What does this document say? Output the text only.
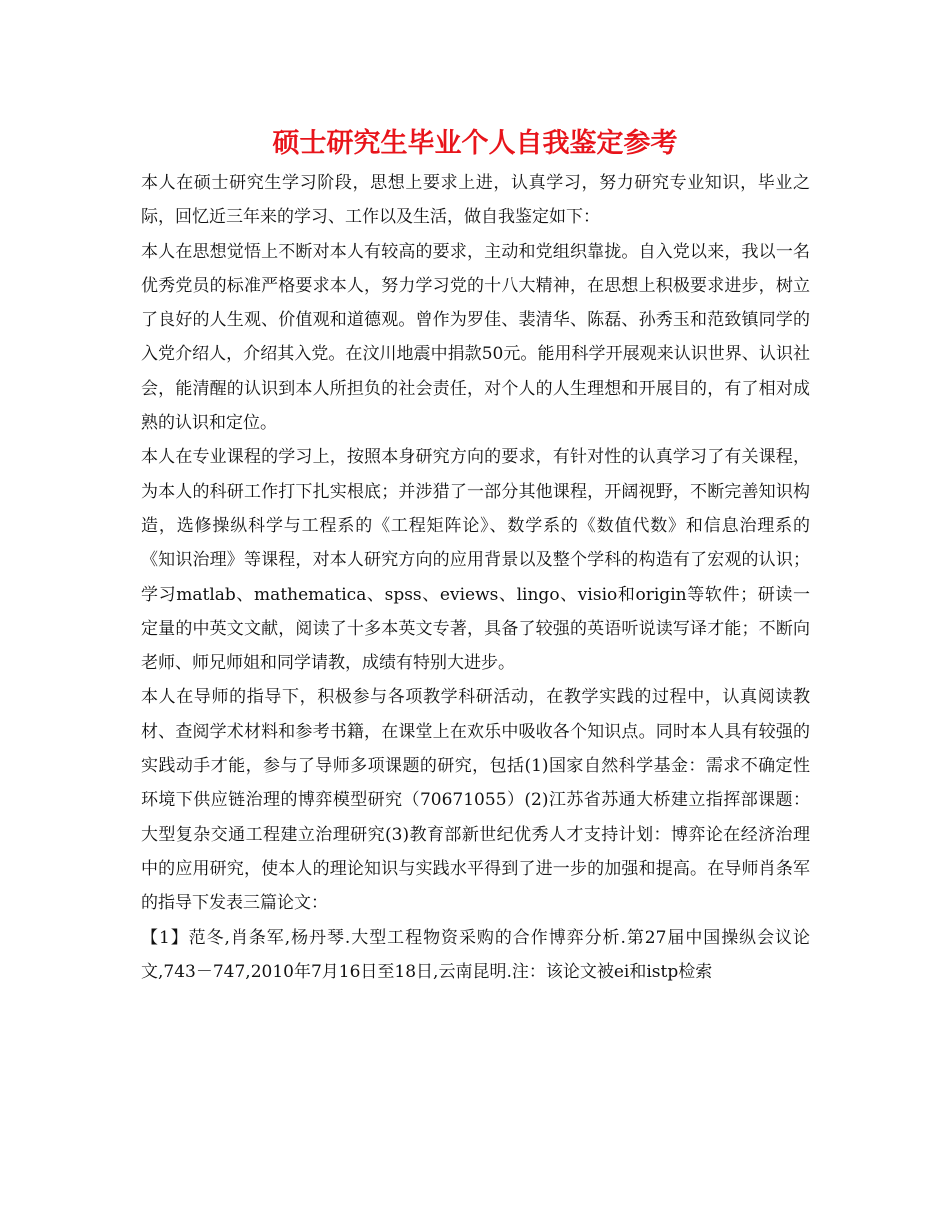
硕士研究生毕业个人自我鉴定参考

本人在硕士研究生学习阶段，思想上要求上进，认真学习，努力研究专业知识，毕业之际，回忆近三年来的学习、工作以及生活，做自我鉴定如下：

本人在思想觉悟上不断对本人有较高的要求，主动和党组织靠拢。自入党以来，我以一名优秀党员的标准严格要求本人，努力学习党的十八大精神，在思想上积极要求进步，树立了良好的人生观、价值观和道德观。曾作为罗佳、裴清华、陈磊、孙秀玉和范致镇同学的入党介绍人，介绍其入党。在汶川地震中捐款50元。能用科学开展观来认识世界、认识社会，能清醒的认识到本人所担负的社会责任，对个人的人生理想和开展目的，有了相对成熟的认识和定位。

本人在专业课程的学习上，按照本身研究方向的要求，有针对性的认真学习了有关课程，为本人的科研工作打下扎实根底；并涉猎了一部分其他课程，开阔视野，不断完善知识构造，选修操纵科学与工程系的《工程矩阵论》、数学系的《数值代数》和信息治理系的《知识治理》等课程，对本人研究方向的应用背景以及整个学科的构造有了宏观的认识；学习matlab、mathematica、spss、eviews、lingo、visio和origin等软件；研读一定量的中英文文献，阅读了十多本英文专著，具备了较强的英语听说读写译才能；不断向老师、师兄师姐和同学请教，成绩有特别大进步。

本人在导师的指导下，积极参与各项教学科研活动，在教学实践的过程中，认真阅读教材、查阅学术材料和参考书籍，在课堂上在欢乐中吸收各个知识点。同时本人具有较强的实践动手才能，参与了导师多项课题的研究，包括(1)国家自然科学基金：需求不确定性环境下供应链治理的博弈模型研究（70671055）(2)江苏省苏通大桥建立指挥部课题：大型复杂交通工程建立治理研究(3)教育部新世纪优秀人才支持计划：博弈论在经济治理中的应用研究，使本人的理论知识与实践水平得到了进一步的加强和提高。在导师肖条军的指导下发表三篇论文：

【1】范冬,肖条军,杨丹琴.大型工程物资采购的合作博弈分析.第27届中国操纵会议论文,743－747,2010年7月16日至18日,云南昆明.注：该论文被ei和istp检索
